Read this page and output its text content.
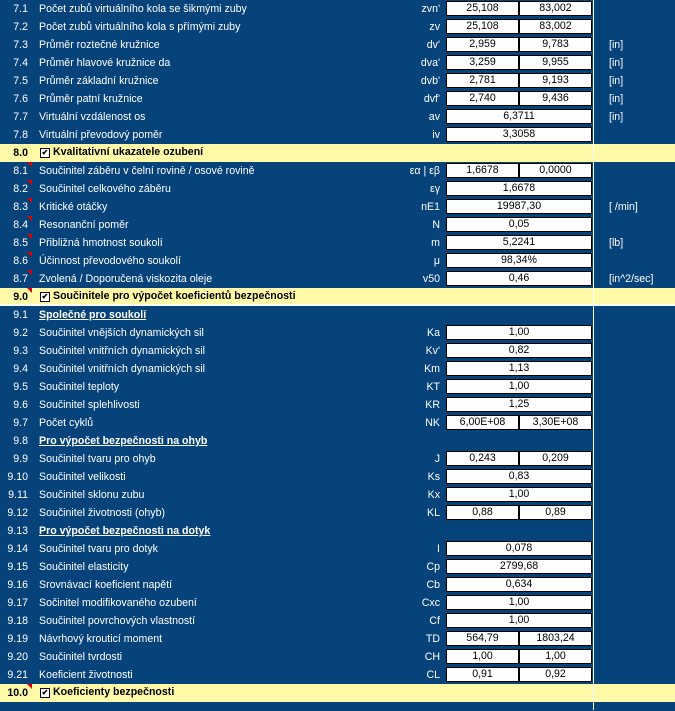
7.1 Počet zubů virtuálního kola se šikmými zuby	zvn'	25,108	83,002
7.2 Počet zubů virtuálního kola s přímými zuby	zv	25,108	83,002
7.3 Průměr roztečné kružnice	dv'	2,959	9,783	[in]
7.4 Průměr hlavové kružnice da	dva'	3,259	9,955	[in]
7.5 Průměr základní kružnice	dvb'	2,781	9,193	[in]
7.6 Průměr patní kružnice	dvf'	2,740	9,436	[in]
7.7 Virtuální vzdálenost os	av	6,3711	[in]
7.8 Virtuální převodový poměr	iv	3,3058
8.0 ✔ Kvalitativní ukazatele ozubení
8.1 Součinitel záběru v čelní rovině / osové rovině	εα | εβ	1,6678	0,0000
8.2 Součinitel celkového záběru	εγ	1,6678
8.3 Kritické otáčky	nE1	19987,30	[ /min]
8.4 Resonanční poměr	N	0,05
8.5 Přibližná hmotnost soukolí	m	5,2241	[lb]
8.6 Účinnost převodového soukolí	μ	98,34%
8.7 Zvolená / Doporučená viskozita oleje	v50	0,46	[in^2/sec]
9.0 ✔ Součinitele pro výpočet koeficientů bezpečnosti
9.1 Společné pro soukolí
9.2 Součinitel vnějších dynamických sil	Ka	1,00
9.3 Součinitel vnitřních dynamických sil	Kv'	0,82
9.4 Součinitel vnitřních dynamických sil	Km	1,13
9.5 Součinitel teploty	KT	1,00
9.6 Součinitel splehlivosti	KR	1,25
9.7 Počet cyklů	NK	6,00E+08	3,30E+08
9.8 Pro výpočet bezpečnosti na ohyb
9.9 Součinitel tvaru pro ohyb	J	0,243	0,209
9.10 Součinitel velikosti	Ks	0,83
9.11 Součinitel sklonu zubu	Kx	1,00
9.12 Součinitel životnosti (ohyb)	KL	0,88	0,89
9.13 Pro výpočet bezpečnosti na dotyk
9.14 Součinitel tvaru pro dotyk	I	0,078
9.15 Součinitel elasticity	Cp	2799,68
9.16 Srovnávací koeficient napětí	Cb	0,634
9.17 Sočinitel modifikovaného ozubení	Cxc	1,00
9.18 Součinitel povrchových vlastností	Cf	1,00
9.19 Návrhový krouticí moment	TD	564,79	1803,24
9.20 Součinitel tvrdosti	CH	1,00	1,00
9.21 Koeficient životnosti	CL	0,91	0,92
10.0 ✔ Koeficienty bezpečnosti
